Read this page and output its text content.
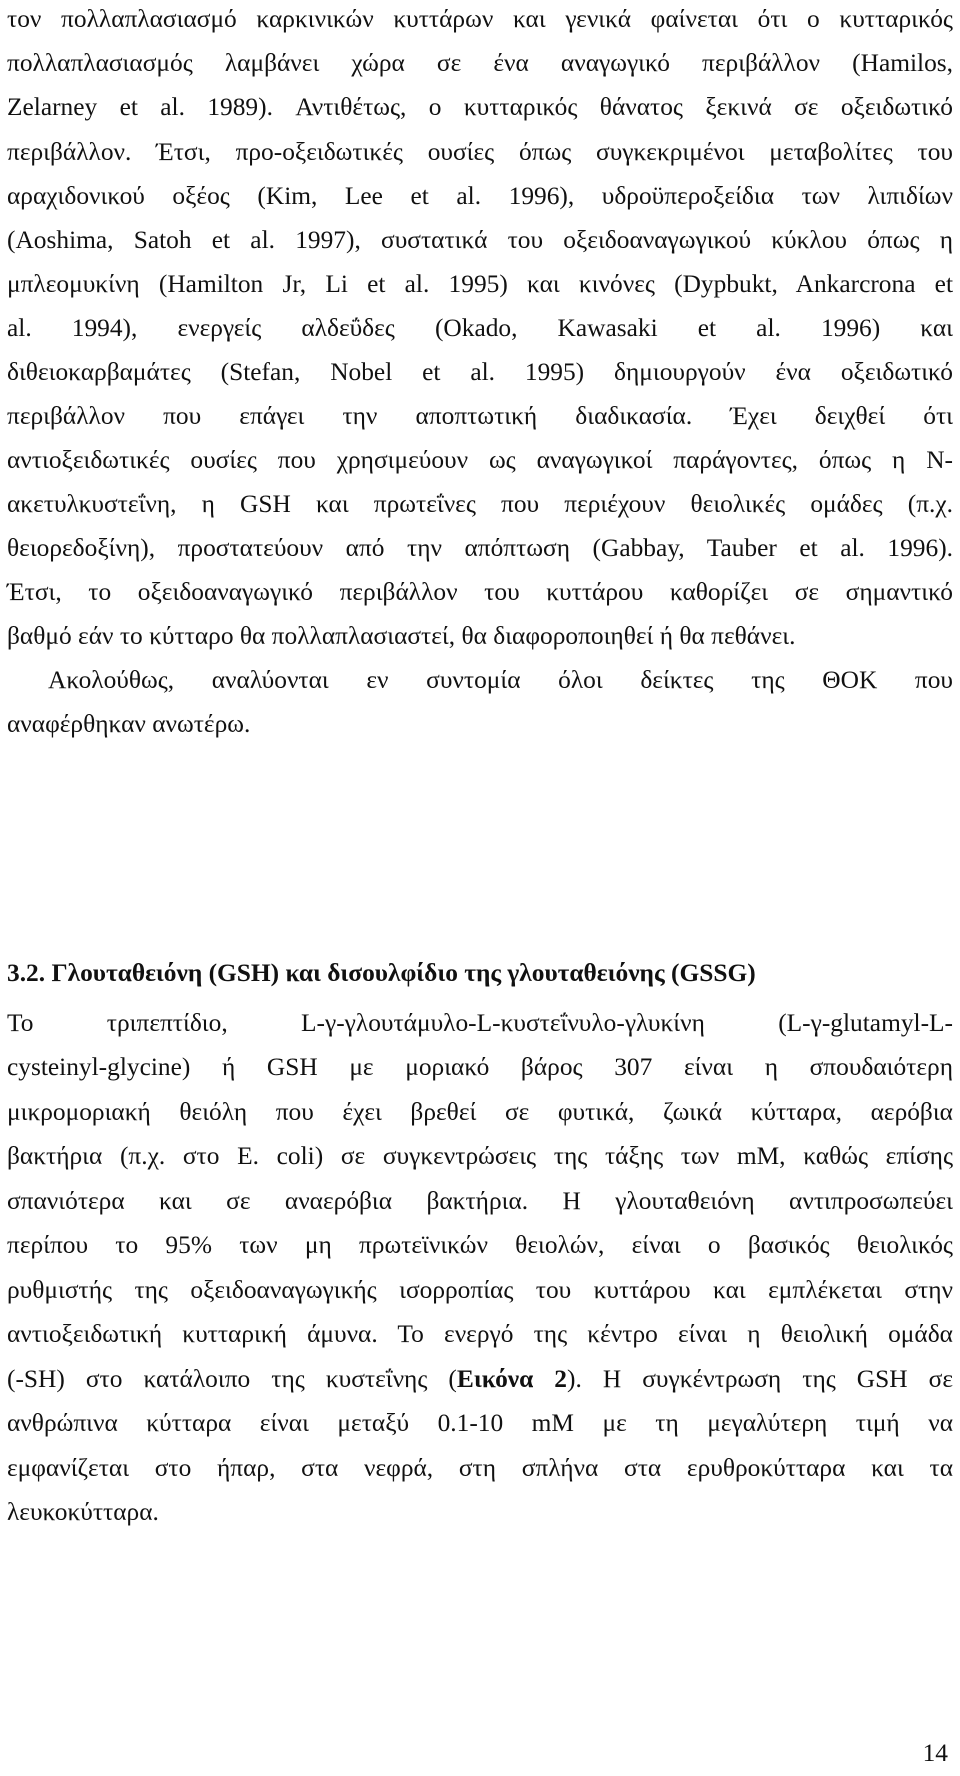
τον πολλαπλασιασμό καρκινικών κυττάρων και γενικά φαίνεται ότι ο κυτταρικός
πολλαπλασιασμός λαμβάνει χώρα σε ένα αναγωγικό περιβάλλον (Hamilos,
Zelarney et al. 1989). Αντιθέτως, ο κυτταρικός θάνατος ξεκινά σε οξειδωτικό
περιβάλλον. Έτσι, προ-οξειδωτικές ουσίες όπως συγκεκριμένοι μεταβολίτες του
αραχιδονικού οξέος (Kim, Lee et al. 1996), υδροϋπεροξείδια των λιπιδίων
(Aoshima, Satoh et al. 1997), συστατικά του οξειδοαναγωγικού κύκλου όπως η
μπλεομυκίνη (Hamilton Jr, Li et al. 1995) και κινόνες (Dypbukt, Ankarcrona et
al. 1994), ενεργείς αλδεΰδες (Okado, Kawasaki et al. 1996) και
διθειοκαρβαμάτες (Stefan, Nobel et al. 1995) δημιουργούν ένα οξειδωτικό
περιβάλλον που επάγει την αποπτωτική διαδικασία. Έχει δειχθεί ότι
αντιοξειδωτικές ουσίες που χρησιμεύουν ως αναγωγικοί παράγοντες, όπως η N-
ακετυλκυστεΐνη, η GSH και πρωτεΐνες που περιέχουν θειολικές ομάδες (π.χ.
θειορεδοξίνη), προστατεύουν από την απόπτωση (Gabbay, Tauber et al. 1996).
Έτσι, το οξειδοαναγωγικό περιβάλλον του κυττάρου καθορίζει σε σημαντικό
βαθμό εάν το κύτταρο θα πολλαπλασιαστεί, θα διαφοροποιηθεί ή θα πεθάνει.
Ακολούθως, αναλύονται εν συντομία όλοι δείκτες της ΘΟΚ που
αναφέρθηκαν ανωτέρω.
3.2. Γλουταθειόνη (GSH) και δισουλφίδιο της γλουταθειόνης (GSSG)
Το τριπεπτίδιο, L-γ-γλουτάμυλο-L-κυστεΐνυλο-γλυκίνη (L-γ-glutamyl-L-
cysteinyl-glycine) ή GSH με μοριακό βάρος 307 είναι η σπουδαιότερη
μικρομοριακή θειόλη που έχει βρεθεί σε φυτικά, ζωικά κύτταρα, αερόβια
βακτήρια (π.χ. στο E. coli) σε συγκεντρώσεις της τάξης των mM, καθώς επίσης
σπανιότερα και σε αναερόβια βακτήρια. Η γλουταθειόνη αντιπροσωπεύει
περίπου το 95% των μη πρωτεϊνικών θειολών, είναι ο βασικός θειολικός
ρυθμιστής της οξειδοαναγωγικής ισορροπίας του κυττάρου και εμπλέκεται στην
αντιοξειδωτική κυτταρική άμυνα. Το ενεργό της κέντρο είναι η θειολική ομάδα
(-SH) στο κατάλοιπο της κυστεΐνης (Εικόνα 2). Η συγκέντρωση της GSH σε
ανθρώπινα κύτταρα είναι μεταξύ 0.1-10 mM με τη μεγαλύτερη τιμή να
εμφανίζεται στο ήπαρ, στα νεφρά, στη σπλήνα στα ερυθροκύτταρα και τα
λευκοκύτταρα.
14
